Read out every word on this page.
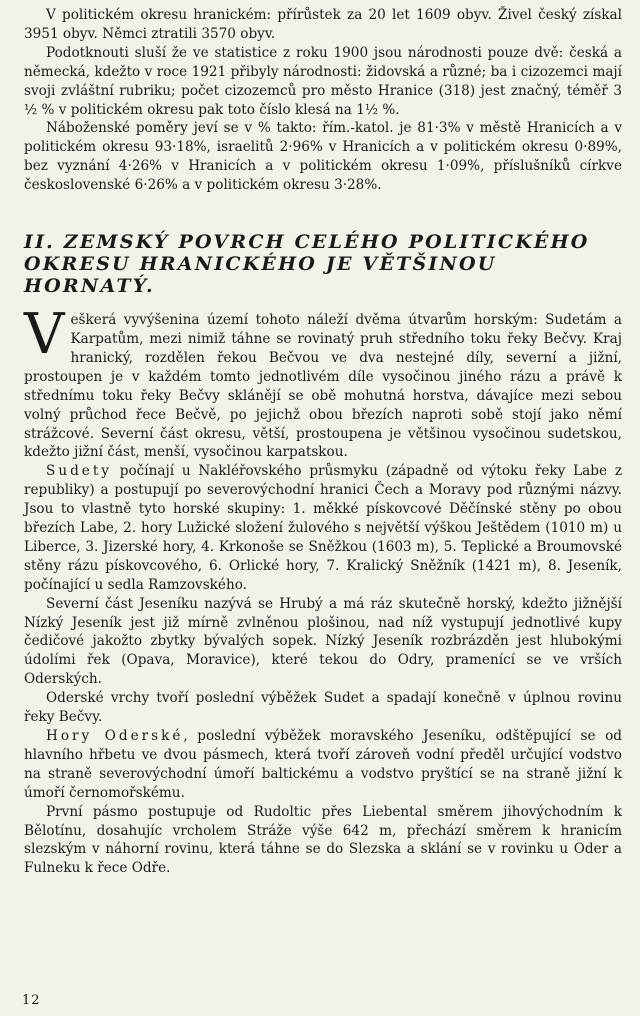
V politickém okresu hranickém: přírůstek za 20 let 1609 obyv. Živel český získal 3951 obyv. Němci ztratili 3570 obyv.

Podotknouti sluší že ve statistice z roku 1900 jsou národnosti pouze dvě: česká a německá, kdežto v roce 1921 přibyly národnosti: židovská a různé; ba i cizozemci mají svoji zvláštní rubriku; počet cizozemců pro město Hranice (318) jest značný, téměř 3 ½ % v politickém okresu pak toto číslo klesá na 1½ %.

Náboženské poměry jeví se v % takto: řím.-katol. je 81·3% v městě Hranicích a v politickém okresu 93·18%, israelitů 2·96% v Hranicích a v politickém okresu 0·89%, bez vyznání 4·26% v Hranicích a v politickém okresu 1·09%, příslušníků církve československé 6·26% a v politickém okresu 3·28%.

II. ZEMSKÝ POVRCH CELÉHO POLITICKÉHO
OKRESU HRANICKÉHO JE VĚTŠINOU HORNATÝ.

Veškerá vyvýšenina území tohoto náleží dvěma útvarům horským: Sudetám a Karpatům, mezi nimiž táhne se rovinatý pruh středního toku řeky Bečvy. Kraj hranický, rozdělen řekou Bečvou ve dva nestejné díly, severní a jižní, prostoupen je v každém tomto jednotlivém díle vysočinou jiného rázu a právě k střednímu toku řeky Bečvy sklánějí se obě mohutná horstva, dávajíce mezi sebou volný průchod řece Bečvě, po jejichž obou březích naproti sobě stojí jako němí strážcové. Severní část okresu, větší, prostoupena je většinou vysočinou sudetskou, kdežto jižní část, menší, vysočinou karpatskou.

Sudety počínají u Nakléřovského průsmyku (západně od výtoku řeky Labe z republiky) a postupují po severovýchodní hranici Čech a Moravy pod různými názvy. Jsou to vlastně tyto horské skupiny: 1. měkké pískovcové Děčínské stěny po obou březích Labe, 2. hory Lužické složení žulového s největší výškou Ještědem (1010 m) u Liberce, 3. Jizerské hory, 4. Krkonoše se Sněžkou (1603 m), 5. Teplické a Broumovské stěny rázu pískovcového, 6. Orlické hory, 7. Kralický Sněžník (1421 m), 8. Jeseník, počínající u sedla Ramzovského.

Severní část Jeseníku nazývá se Hrubý a má ráz skutečně horský, kdežto jižnější Nízký Jeseník jest již mírně zvlněnou plošinou, nad níž vystupují jednotlivé kupy čedičové jakožto zbytky bývalých sopek. Nízký Jeseník rozbrázděn jest hlubokými údolími řek (Opava, Moravice), které tekou do Odry, pramenící se ve vrších Oderských.

Oderské vrchy tvoří poslední výběžek Sudet a spadají konečně v úplnou rovinu řeky Bečvy.

Hory Oderské, poslední výběžek moravského Jeseníku, odštěpující se od hlavního hřbetu ve dvou pásmech, která tvoří zároveň vodní předěl určující vodstvo na straně severovýchodní úmoří baltickému a vodstvo pryštící se na straně jižní k úmoří černomořskému.

První pásmo postupuje od Rudoltic přes Liebental směrem jihovýchodním k Bělotínu, dosahujíc vrcholem Stráže výše 642 m, přechází směrem k hranicím slezským v náhorní rovinu, která táhne se do Slezska a sklání se v rovinku u Oder a Fulneku k řece Odře.

12
